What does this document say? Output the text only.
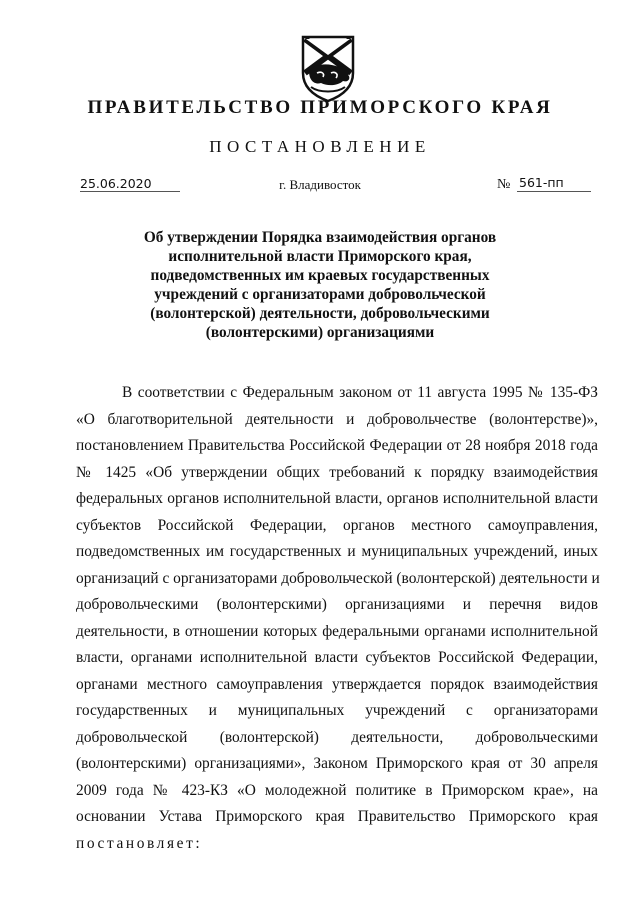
ПРАВИТЕЛЬСТВО ПРИМОРСКОГО КРАЯ
ПОСТАНОВЛЕНИЕ
25.06.2020	г. Владивосток	№ 561-пп
Об утверждении Порядка взаимодействия органов
исполнительной власти Приморского края,
подведомственных им краевых государственных
учреждений с организаторами добровольческой
(волонтерской) деятельности, добровольческими
(волонтерскими) организациями
В соответствии с Федеральным законом от 11 августа 1995 № 135-ФЗ
«О благотворительной деятельности и добровольчестве (волонтерстве)»,
постановлением Правительства Российской Федерации от 28 ноября 2018 года
№ 1425 «Об утверждении общих требований к порядку взаимодействия
федеральных органов исполнительной власти, органов исполнительной власти
субъектов Российской Федерации, органов местного самоуправления,
подведомственных им государственных и муниципальных учреждений, иных
организаций с организаторами добровольческой (волонтерской) деятельности и
добровольческими (волонтерскими) организациями и перечня видов
деятельности, в отношении которых федеральными органами исполнительной
власти, органами исполнительной власти субъектов Российской Федерации,
органами местного самоуправления утверждается порядок взаимодействия
государственных и муниципальных учреждений с организаторами
добровольческой (волонтерской) деятельности, добровольческими
(волонтерскими) организациями», Законом Приморского края от 30 апреля
2009 года № 423-КЗ «О молодежной политике в Приморском крае», на
основании Устава Приморского края Правительство Приморского края
постановляет:
